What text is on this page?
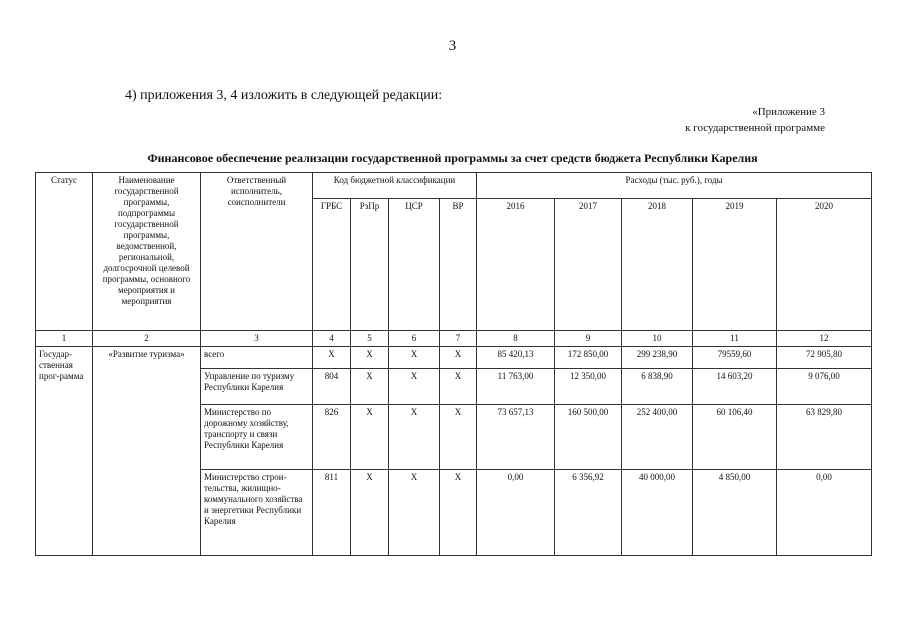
3
4) приложения 3, 4 изложить в следующей редакции:
«Приложение 3
к государственной программе
Финансовое обеспечение реализации государственной программы за счет средств бюджета Республики Карелия
Статус	Наименование государственной программы, подпрограммы государственной программы, ведомственной, региональной, долгосрочной целевой программы, основного мероприятия и мероприятия	Ответственный исполнитель, соисполнители	Код бюджетной классификации				Расходы (тыс. руб.), годы				
			ГРБС	РзПр	ЦСР	ВР	2016	2017	2018	2019	2020
1	2	3	4	5	6	7	8	9	10	11	12
Государ-ственная прог-рамма	«Развитие туризма»	всего	Х	Х	Х	Х	85 420,13	172 850,00	299 238,90	79559,60	72 905,80
		Управление по туризму Республики Карелия	804	Х	Х	Х	11 763,00	12 350,00	6 838,90	14 603,20	9 076,00
		Министерство по дорожному хозяйству, транспорту и связи Республики Карелия	826	Х	Х	Х	73 657,13	160 500,00	252 400,00	60 106,40	63 829,80
		Министерство строи-тельства, жилищно-коммунального хозяйства и энергетики Республики Карелия	811	Х	Х	Х	0,00	6 356,92	40 000,00	4 850,00	0,00
